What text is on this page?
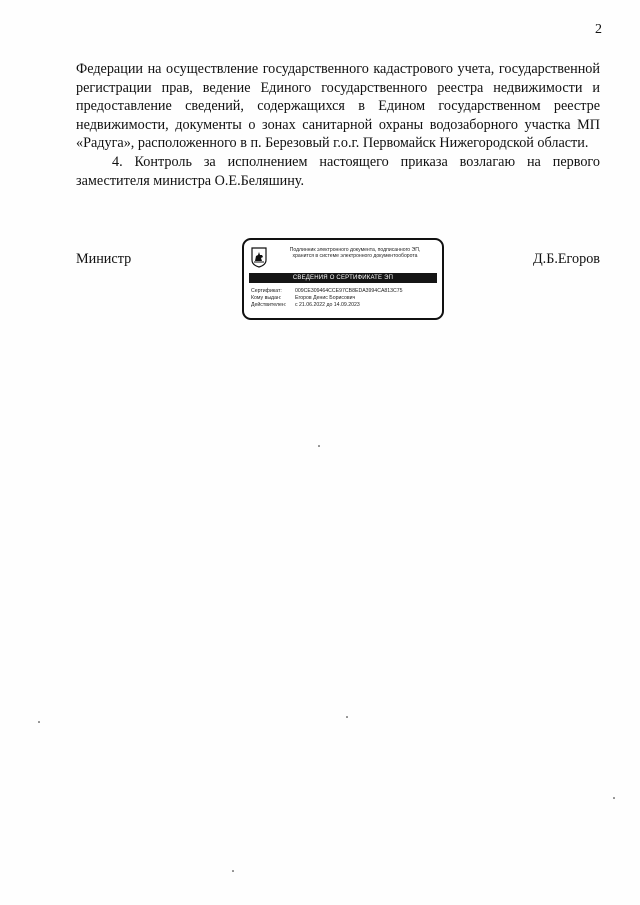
2

Федерации на осуществление государственного кадастрового учета, государственной регистрации прав, ведение Единого государственного реестра недвижимости и предоставление сведений, содержащихся в Едином государственном реестре недвижимости, документы о зонах санитарной охраны водозаборного участка МП «Радуга», расположенного в п. Березовый г.о.г. Первомайск Нижегородской области.

4. Контроль за исполнением настоящего приказа возлагаю на первого заместителя министра О.Е.Беляшину.

Министр	Д.Б.Егоров
Подлинник электронного документа, подписанного ЭП,
хранится в системе электронного документооборота
СВЕДЕНИЯ О СЕРТИФИКАТЕ ЭП
Сертификат:	009CE309464CCE97CB8EDA3994CA813C75
Кому выдан:	Егоров Денис Борисович
Действителен: с 21.06.2022 до 14.09.2023
